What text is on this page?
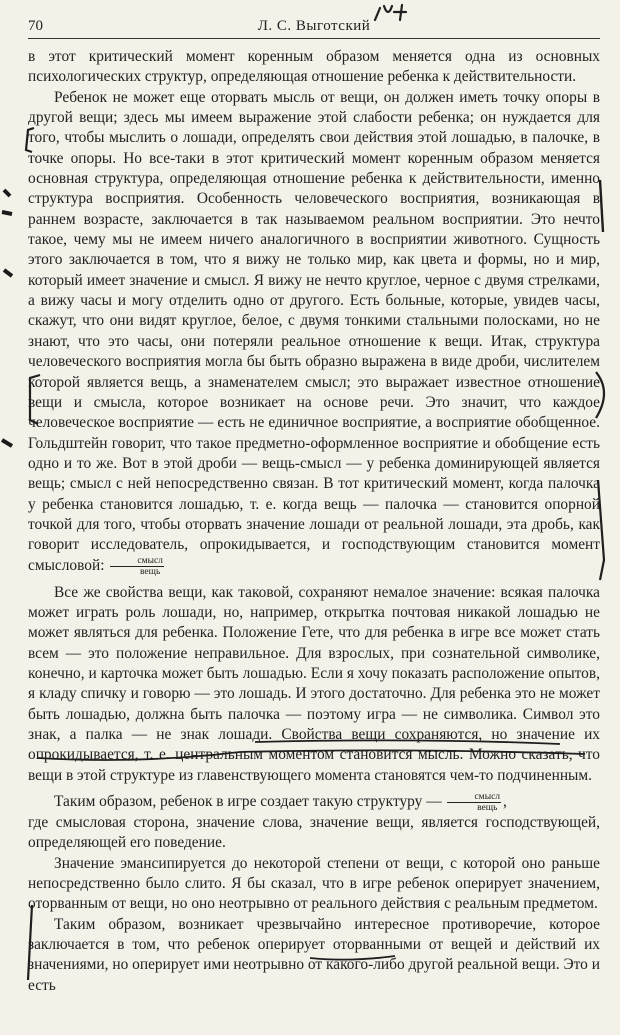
70	Л. С. Выготский

в этот критический момент коренным образом меняется одна из основных психологических структур, определяющая отношение ребенка к действительности.

Ребенок не может еще оторвать мысль от вещи, он должен иметь точку опоры в другой вещи; здесь мы имеем выражение этой слабости ребенка; он нуждается для того, чтобы мыслить о лошади, определять свои действия этой лошадью, в палочке, в точке опоры. Но все-таки в этот критический момент коренным образом меняется основная структура, определяющая отношение ребенка к действительности, именно структура восприятия. Особенность человеческого восприятия, возникающая в раннем возрасте, заключается в так называемом реальном восприятии. Это нечто такое, чему мы не имеем ничего аналогичного в восприятии животного. Сущность этого заключается в том, что я вижу не только мир, как цвета и формы, но и мир, который имеет значение и смысл. Я вижу не нечто круглое, черное с двумя стрелками, а вижу часы и могу отделить одно от другого. Есть больные, которые, увидев часы, скажут, что они видят круглое, белое, с двумя тонкими стальными полосками, но не знают, что это часы, они потеряли реальное отношение к вещи. Итак, структура человеческого восприятия могла бы быть образно выражена в виде дроби, числителем которой является вещь, а знаменателем смысл; это выражает известное отношение вещи и смысла, которое возникает на основе речи. Это значит, что каждое человеческое восприятие — есть не единичное восприятие, а восприятие обобщенное. Гольдштейн говорит, что такое предметно-оформленное восприятие и обобщение есть одно и то же. Вот в этой дроби — вещь-смысл — у ребенка доминирующей является вещь; смысл с ней непосредственно связан. В тот критический момент, когда палочка у ребенка становится лошадью, т. е. когда вещь — палочка — становится опорной точкой для того, чтобы оторвать значение лошади от реальной лошади, эта дробь, как говорит исследователь, опрокидывается, и господствующим становится момент смысловой: $\frac{\text{смысл}}{\text{вещь}}$

Все же свойства вещи, как таковой, сохраняют немалое значение: всякая палочка может играть роль лошади, но, например, открытка почтовая никакой лошадью не может являться для ребенка. Положение Гете, что для ребенка в игре все может стать всем — это положение неправильное. Для взрослых, при сознательной символике, конечно, и карточка может быть лошадью. Если я хочу показать расположение опытов, я кладу спичку и говорю — это лошадь. И этого достаточно. Для ребенка это не может быть лошадью, должна быть палочка — поэтому игра — не символика. Символ это знак, а палка — не знак лошади. Свойства вещи сохраняются, но значение их опрокидывается, т. е. центральным моментом становится мысль. Можно сказать, что вещи в этой структуре из главенствующего момента становятся чем-то подчиненным.

Таким образом, ребенок в игре создает такую структуру — $\frac{\text{смысл}}{\text{вещь}}$ ,

где смысловая сторона, значение слова, значение вещи, является господствующей, определяющей его поведение.

Значение эмансипируется до некоторой степени от вещи, с которой оно раньше непосредственно было слито. Я бы сказал, что в игре ребенок оперирует значением, оторванным от вещи, но оно неотрывно от реального действия с реальным предметом.

Таким образом, возникает чрезвычайно интересное противоречие, которое заключается в том, что ребенок оперирует оторванными от вещей и действий их значениями, но оперирует ими неотрывно от какого-либо другой реальной вещи. Это и есть
